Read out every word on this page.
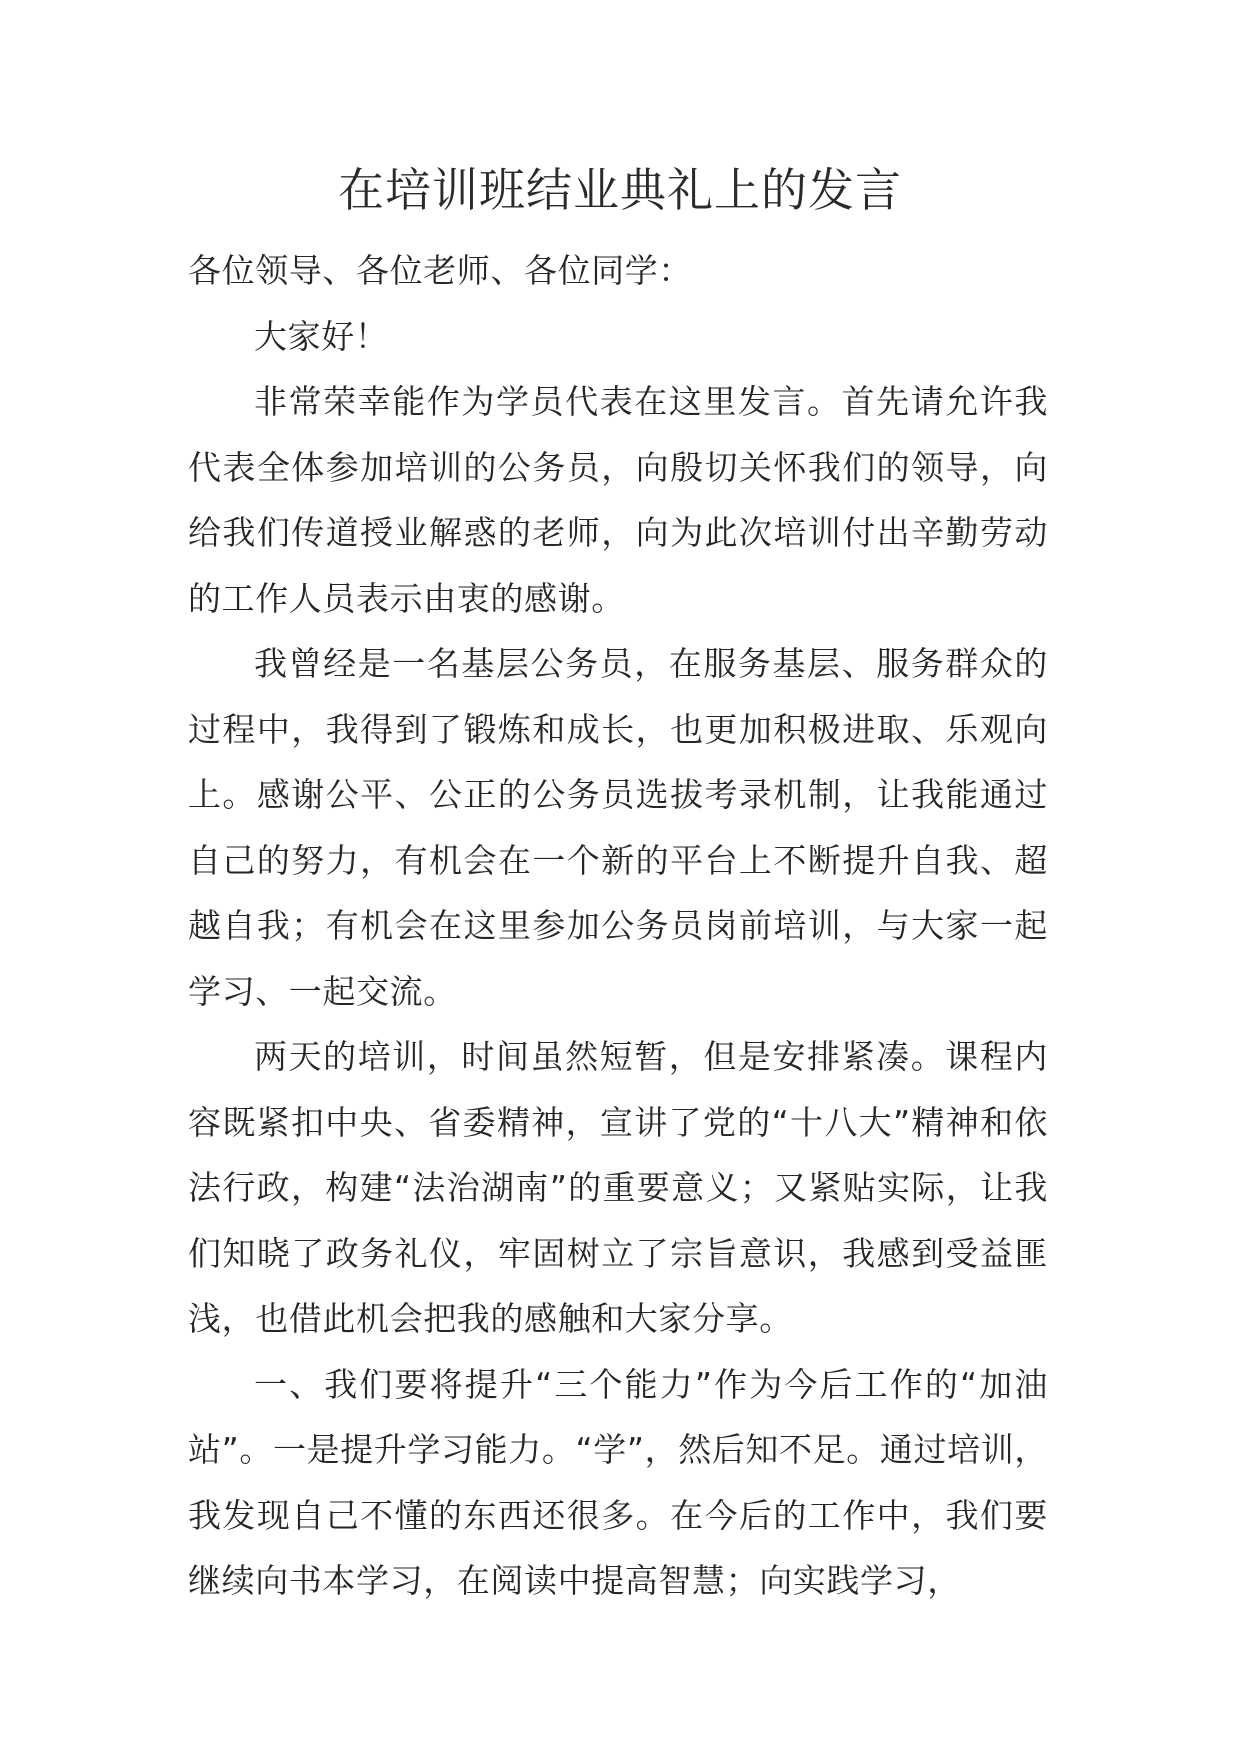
在培训班结业典礼上的发言

各位领导、各位老师、各位同学：

大家好！

非常荣幸能作为学员代表在这里发言。首先请允许我代表全体参加培训的公务员，向殷切关怀我们的领导，向给我们传道授业解惑的老师，向为此次培训付出辛勤劳动的工作人员表示由衷的感谢。

我曾经是一名基层公务员，在服务基层、服务群众的过程中，我得到了锻炼和成长，也更加积极进取、乐观向上。感谢公平、公正的公务员选拔考录机制，让我能通过自己的努力，有机会在一个新的平台上不断提升自我、超越自我；有机会在这里参加公务员岗前培训，与大家一起学习、一起交流。

两天的培训，时间虽然短暂，但是安排紧凑。课程内容既紧扣中央、省委精神，宣讲了党的“十八大”精神和依法行政，构建“法治湖南”的重要意义；又紧贴实际，让我们知晓了政务礼仪，牢固树立了宗旨意识，我感到受益匪浅，也借此机会把我的感触和大家分享。

一、我们要将提升“三个能力”作为今后工作的“加油站”。一是提升学习能力。“学”，然后知不足。通过培训，我发现自己不懂的东西还很多。在今后的工作中，我们要继续向书本学习，在阅读中提高智慧；向实践学习，
